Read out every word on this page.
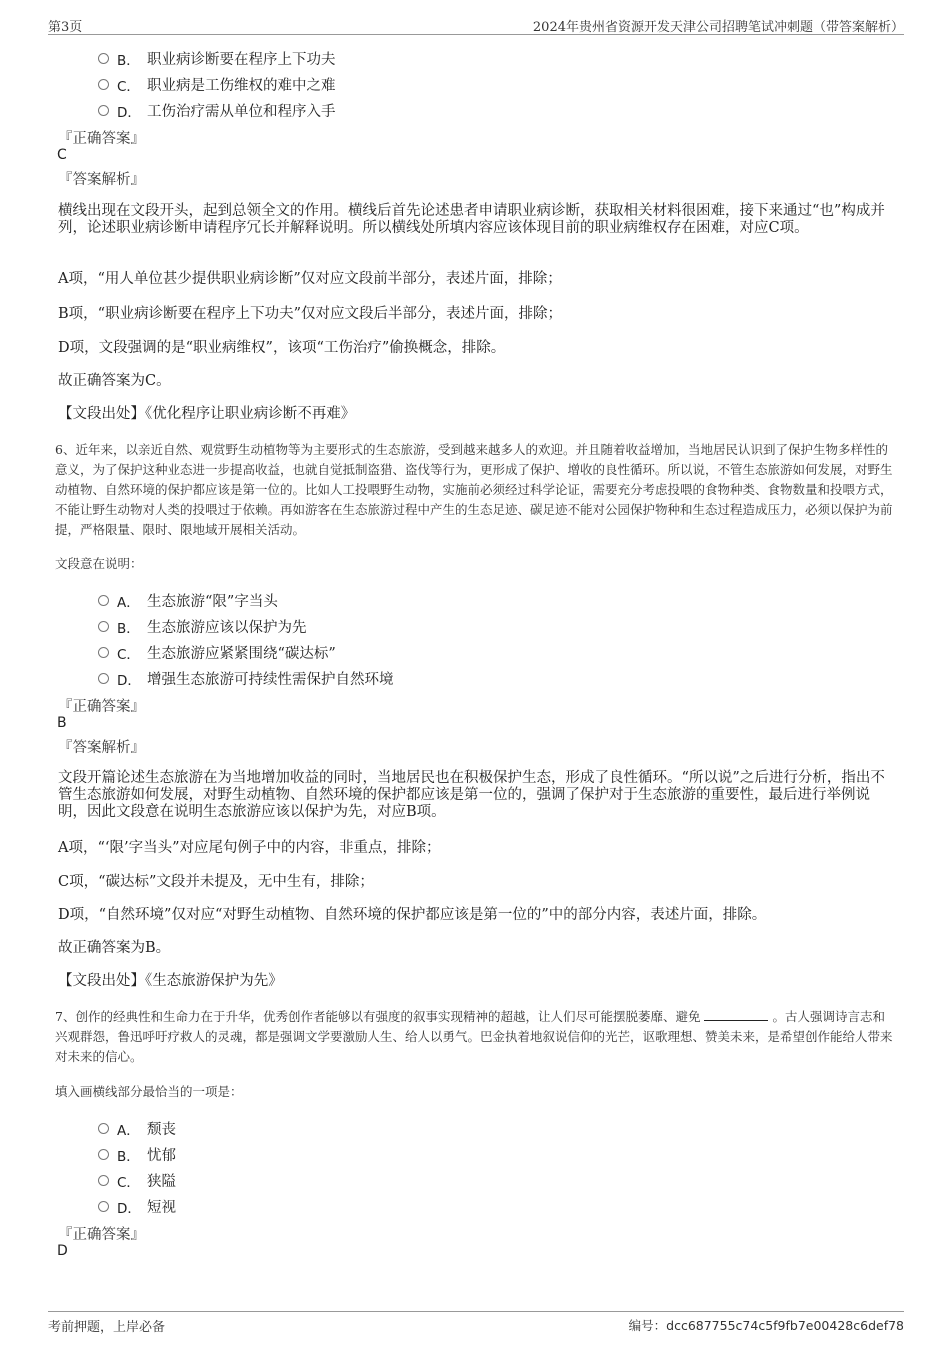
第3页	2024年贵州省资源开发天津公司招聘笔试冲刺题（带答案解析）
B． 职业病诊断要在程序上下功夫
C． 职业病是工伤维权的难中之难
D． 工伤治疗需从单位和程序入手
『正确答案』
C
『答案解析』
横线出现在文段开头，起到总领全文的作用。横线后首先论述患者申请职业病诊断，获取相关材料很困难，接下来通过“也”构成并列，论述职业病诊断申请程序冗长并解释说明。所以横线处所填内容应该体现目前的职业病维权存在困难，对应C项。
A项，“用人单位甚少提供职业病诊断”仅对应文段前半部分，表述片面，排除；
B项，“职业病诊断要在程序上下功夫”仅对应文段后半部分，表述片面，排除；
D项，文段强调的是“职业病维权”，该项“工伤治疗”偷换概念，排除。
故正确答案为C。
【文段出处】《优化程序让职业病诊断不再难》
6、近年来，以亲近自然、观赏野生动植物等为主要形式的生态旅游，受到越来越多人的欢迎。并且随着收益增加，当地居民认识到了保护生物多样性的意义，为了保护这种业态进一步提高收益，也就自觉抵制盗猎、盗伐等行为，更形成了保护、增收的良性循环。所以说，不管生态旅游如何发展，对野生动植物、自然环境的保护都应该是第一位的。比如人工投喂野生动物，实施前必须经过科学论证，需要充分考虑投喂的食物种类、食物数量和投喂方式，不能让野生动物对人类的投喂过于依赖。再如游客在生态旅游过程中产生的生态足迹、碳足迹不能对公园保护物种和生态过程造成压力，必须以保护为前提，严格限量、限时、限地域开展相关活动。
文段意在说明：
A． 生态旅游“限”字当头
B． 生态旅游应该以保护为先
C． 生态旅游应紧紧围绕“碳达标”
D． 增强生态旅游可持续性需保护自然环境
『正确答案』
B
『答案解析』
文段开篇论述生态旅游在为当地增加收益的同时，当地居民也在积极保护生态，形成了良性循环。“所以说”之后进行分析，指出不管生态旅游如何发展，对野生动植物、自然环境的保护都应该是第一位的，强调了保护对于生态旅游的重要性，最后进行举例说明，因此文段意在说明生态旅游应该以保护为先，对应B项。
A项，“‘限’字当头”对应尾句例子中的内容，非重点，排除；
C项，“碳达标”文段并未提及，无中生有，排除；
D项，“自然环境”仅对应“对野生动植物、自然环境的保护都应该是第一位的”中的部分内容，表述片面，排除。
故正确答案为B。
【文段出处】《生态旅游保护为先》
7、创作的经典性和生命力在于升华，优秀创作者能够以有强度的叙事实现精神的超越，让人们尽可能摆脱萎靡、避免	。古人强调诗言志和兴观群怨，鲁迅呼吁疗救人的灵魂，都是强调文学要激励人生、给人以勇气。巴金执着地叙说信仰的光芒，讴歌理想、赞美未来，是希望创作能给人带来对未来的信心。
填入画横线部分最恰当的一项是：
A． 颓丧
B． 忧郁
C． 狭隘
D． 短视
『正确答案』
D
考前押题，上岸必备	编号：dcc687755c74c5f9fb7e00428c6def78
